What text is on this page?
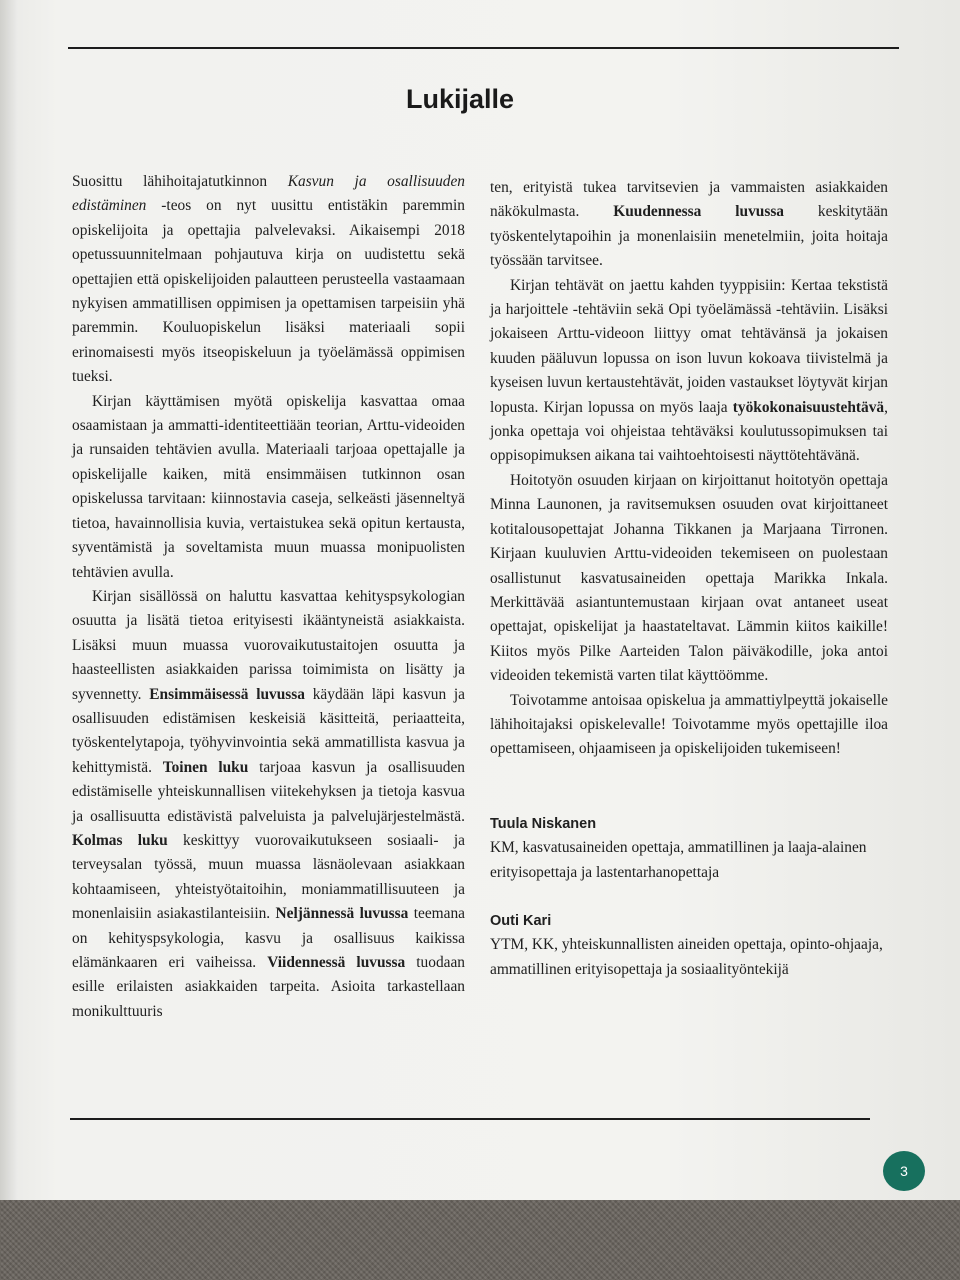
Lukijalle

Suosittu lähihoitajatutkinnon Kasvun ja osallisuuden edistäminen -teos on nyt uusittu entistäkin paremmin opiskelijoita ja opettajia palvelevaksi. Aikaisempi 2018 opetussuunnitelmaan pohjautuva kirja on uudistettu sekä opettajien että opiskelijoiden palautteen perusteella vastaamaan nykyisen ammatillisen oppimisen ja opettamisen tarpeisiin yhä paremmin. Kouluopiskelun lisäksi materiaali sopii erinomaisesti myös itseopiskeluun ja työelämässä oppimisen tueksi.

Kirjan käyttämisen myötä opiskelija kasvattaa omaa osaamistaan ja ammatti-identiteettiään teorian, Arttu-videoiden ja runsaiden tehtävien avulla. Materiaali tarjoaa opettajalle ja opiskelijalle kaiken, mitä ensimmäisen tutkinnon osan opiskelussa tarvitaan: kiinnostavia caseja, selkeästi jäsenneltyä tietoa, havainnollisia kuvia, vertaistukea sekä opitun kertausta, syventämistä ja soveltamista muun muassa monipuolisten tehtävien avulla.

Kirjan sisällössä on haluttu kasvattaa kehityspsykologian osuutta ja lisätä tietoa erityisesti ikääntyneistä asiakkaista. Lisäksi muun muassa vuorovaikutustaitojen osuutta ja haasteellisten asiakkaiden parissa toimimista on lisätty ja syvennetty. Ensimmäisessä luvussa käydään läpi kasvun ja osallisuuden edistämisen keskeisiä käsitteitä, periaatteita, työskentelytapoja, työhyvinvointia sekä ammatillista kasvua ja kehittymistä. Toinen luku tarjoaa kasvun ja osallisuuden edistämiselle yhteiskunnallisen viitekehyksen ja tietoja kasvua ja osallisuutta edistävistä palveluista ja palvelujärjestelmästä. Kolmas luku keskittyy vuorovaikutukseen sosiaali- ja terveysalan työssä, muun muassa läsnäolevaan asiakkaan kohtaamiseen, yhteistyötaitoihin, moniammatillisuuteen ja monenlaisiin asiakastilanteisiin. Neljännessä luvussa teemana on kehityspsykologia, kasvu ja osallisuus kaikissa elämänkaaren eri vaiheissa. Viidennessä luvussa tuodaan esille erilaisten asiakkaiden tarpeita. Asioita tarkastellaan monikulttuuris

ten, erityistä tukea tarvitsevien ja vammaisten asiakkaiden näkökulmasta. Kuudennessa luvussa keskitytään työskentelytapoihin ja monenlaisiin menetelmiin, joita hoitaja työssään tarvitsee.

Kirjan tehtävät on jaettu kahden tyyppisiin: Kertaa tekstistä ja harjoittele -tehtäviin sekä Opi työelämässä -tehtäviin. Lisäksi jokaiseen Arttu-videoon liittyy omat tehtävänsä ja jokaisen kuuden pääluvun lopussa on ison luvun kokoava tiivistelmä ja kyseisen luvun kertaustehtävät, joiden vastaukset löytyvät kirjan lopusta. Kirjan lopussa on myös laaja työkokonaisuustehtävä, jonka opettaja voi ohjeistaa tehtäväksi koulutussopimuksen tai oppisopimuksen aikana tai vaihtoehtoisesti näyttötehtävänä.

Hoitotyön osuuden kirjaan on kirjoittanut hoitotyön opettaja Minna Launonen, ja ravitsemuksen osuuden ovat kirjoittaneet kotitalousopettajat Johanna Tikkanen ja Marjaana Tirronen. Kirjaan kuuluvien Arttu-videoiden tekemiseen on puolestaan osallistunut kasvatusaineiden opettaja Marikka Inkala. Merkittävää asiantuntemustaan kirjaan ovat antaneet useat opettajat, opiskelijat ja haastateltavat. Lämmin kiitos kaikille! Kiitos myös Pilke Aarteiden Talon päiväkodille, joka antoi videoiden tekemistä varten tilat käyttöömme.

Toivotamme antoisaa opiskelua ja ammattiylpeyttä jokaiselle lähihoitajaksi opiskelevalle! Toivotamme myös opettajille iloa opettamiseen, ohjaamiseen ja opiskelijoiden tukemiseen!

Tuula Niskanen
KM, kasvatusaineiden opettaja, ammatillinen ja laaja-alainen erityisopettaja ja lastentarhanopettaja
Outi Kari
YTM, KK, yhteiskunnallisten aineiden opettaja, opinto-ohjaaja, ammatillinen erityisopettaja ja sosiaalityöntekijä
3
